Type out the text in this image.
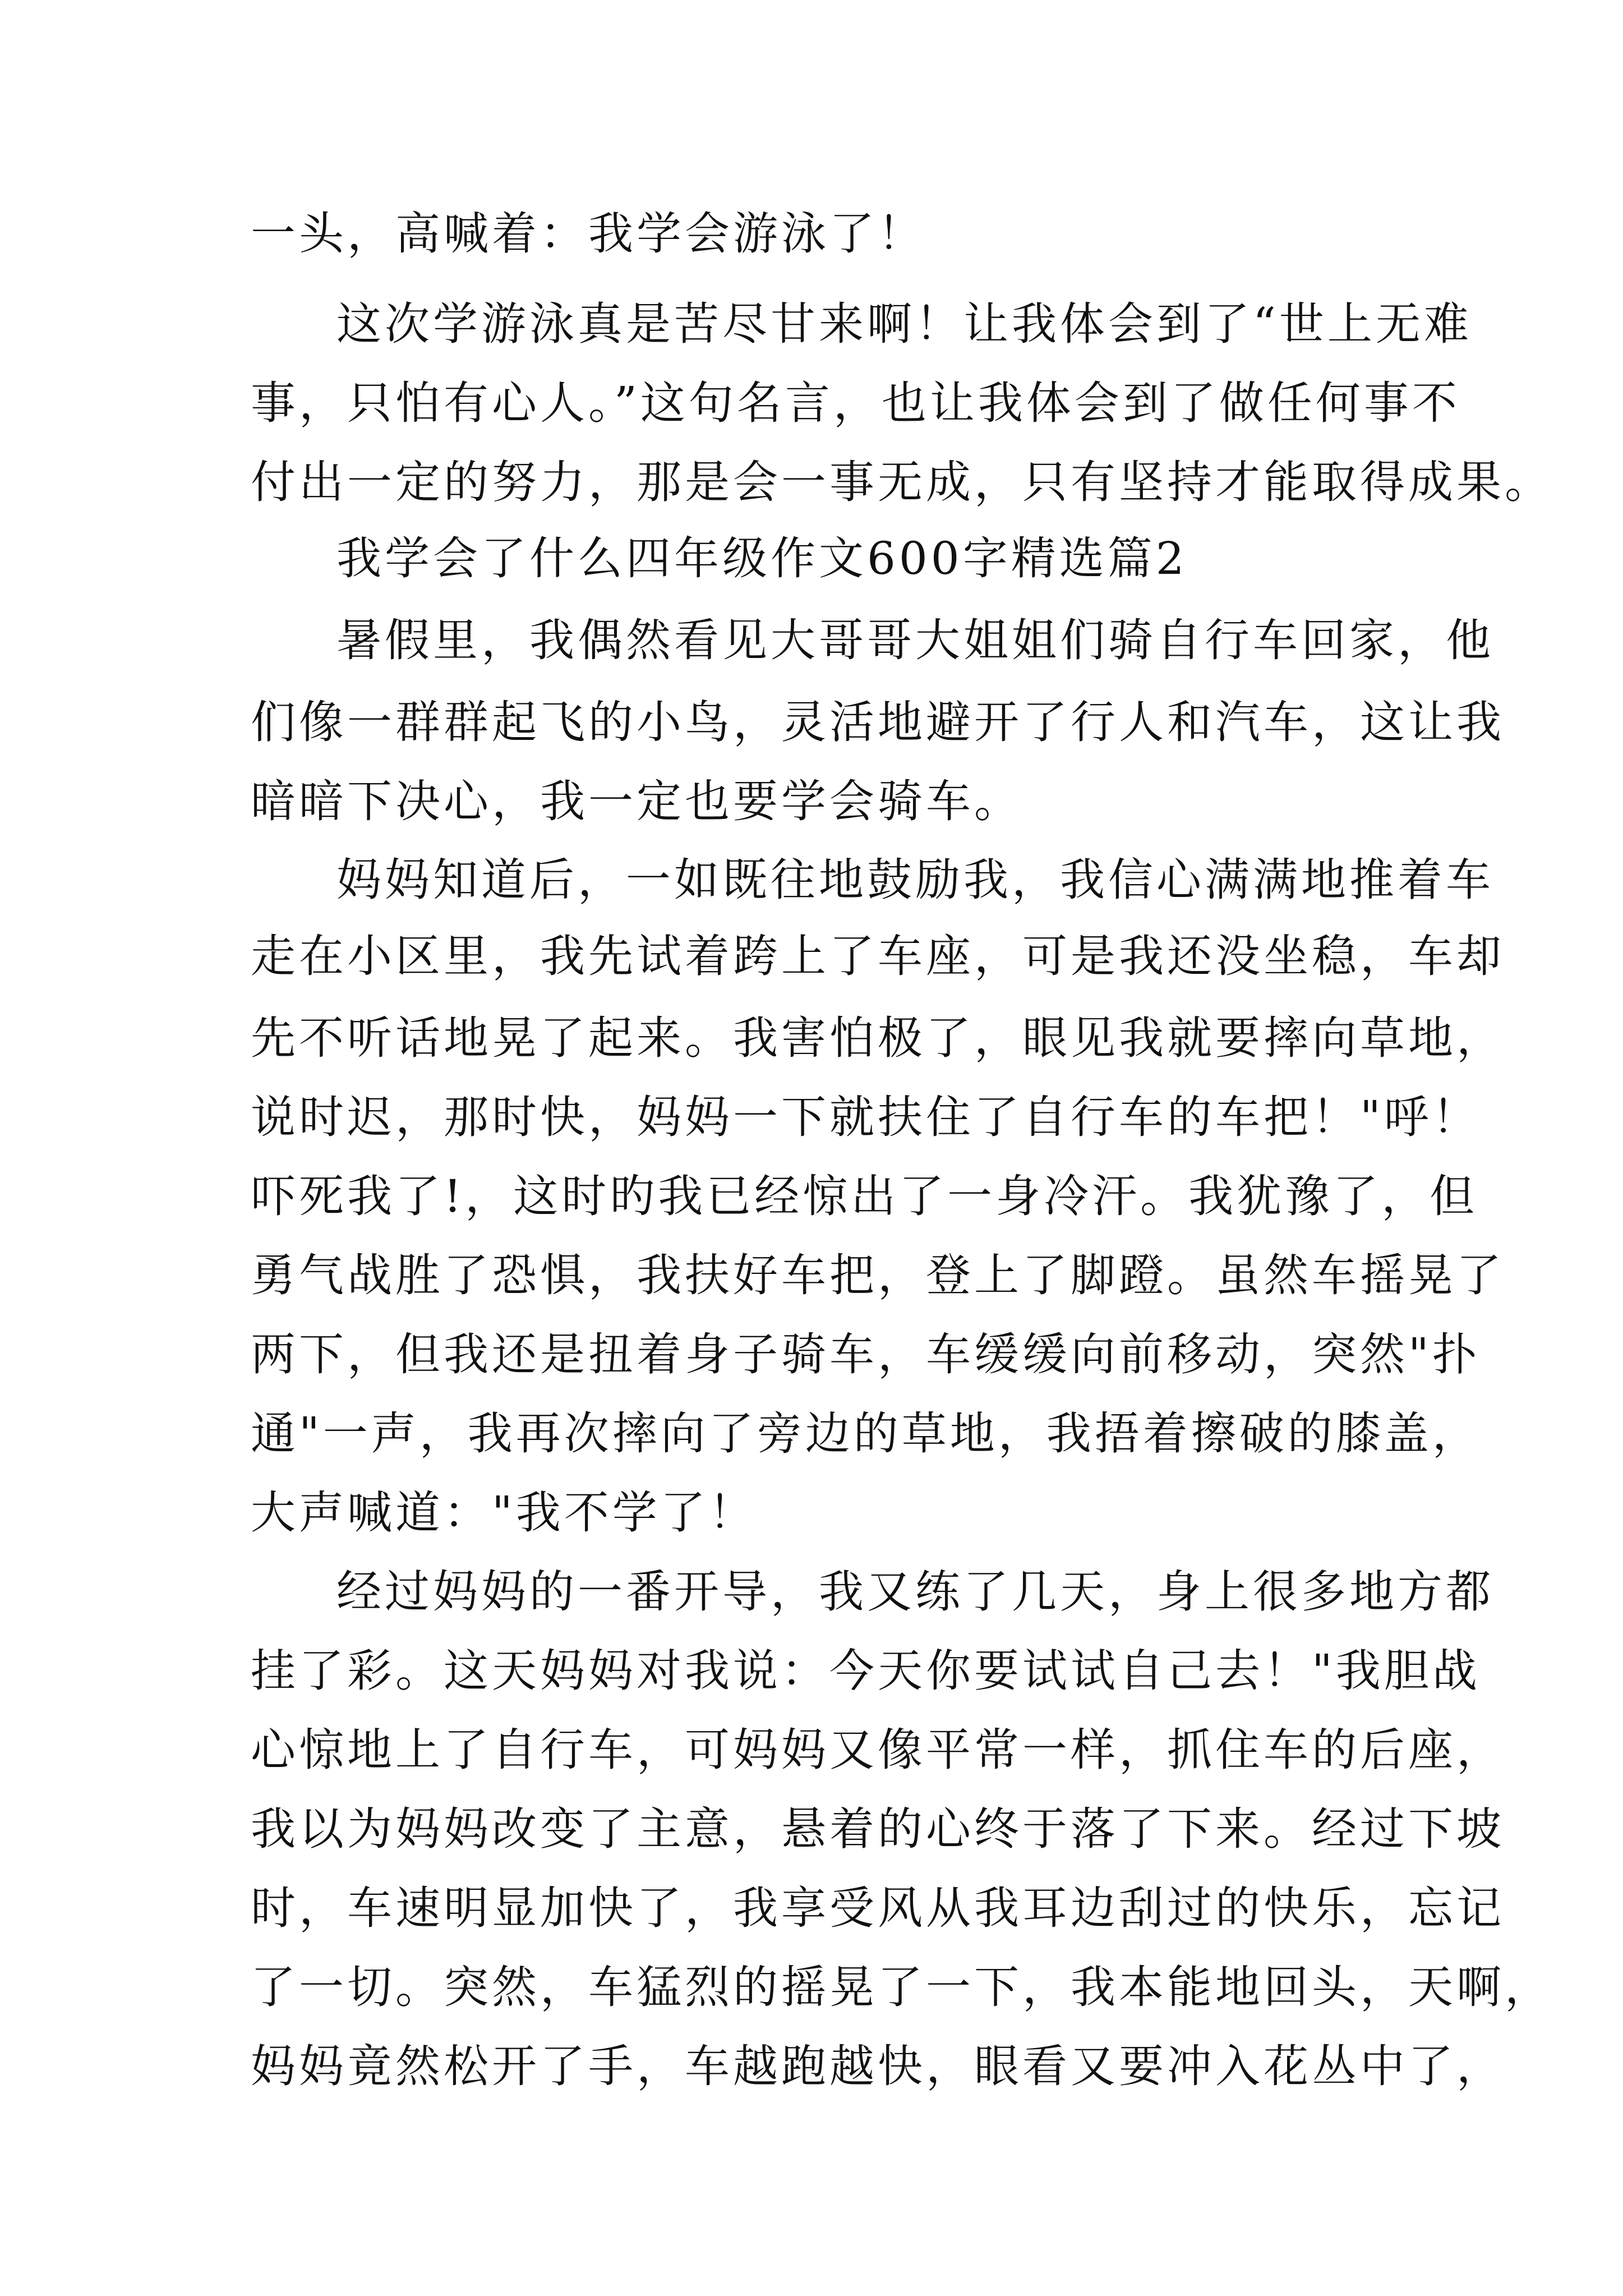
一头，高喊着：我学会游泳了！
这次学游泳真是苦尽甘来啊！让我体会到了“世上无难
事，只怕有心人。”这句名言，也让我体会到了做任何事不
付出一定的努力，那是会一事无成，只有坚持才能取得成果。
我学会了什么四年级作文600字精选篇2
暑假里，我偶然看见大哥哥大姐姐们骑自行车回家，他
们像一群群起飞的小鸟，灵活地避开了行人和汽车，这让我
暗暗下决心，我一定也要学会骑车。
妈妈知道后，一如既往地鼓励我，我信心满满地推着车
走在小区里，我先试着跨上了车座，可是我还没坐稳，车却
先不听话地晃了起来。我害怕极了，眼见我就要摔向草地，
说时迟，那时快，妈妈一下就扶住了自行车的车把！"呼！
吓死我了!，这时旳我已经惊出了一身冷汗。我犹豫了，但
勇气战胜了恐惧，我扶好车把，登上了脚蹬。虽然车摇晃了
两下，但我还是扭着身子骑车，车缓缓向前移动，突然"扑
通"一声，我再次摔向了旁边的草地，我捂着擦破的膝盖，
大声喊道："我不学了！
经过妈妈的一番开导，我又练了几天，身上很多地方都
挂了彩。这天妈妈对我说：今天你要试试自己去！"我胆战
心惊地上了自行车，可妈妈又像平常一样，抓住车的后座，
我以为妈妈改变了主意，悬着的心终于落了下来。经过下坡
时，车速明显加快了，我享受风从我耳边刮过的快乐，忘记
了一切。突然，车猛烈的摇晃了一下，我本能地回头，天啊，
妈妈竟然松开了手，车越跑越快，眼看又要冲入花丛中了，
